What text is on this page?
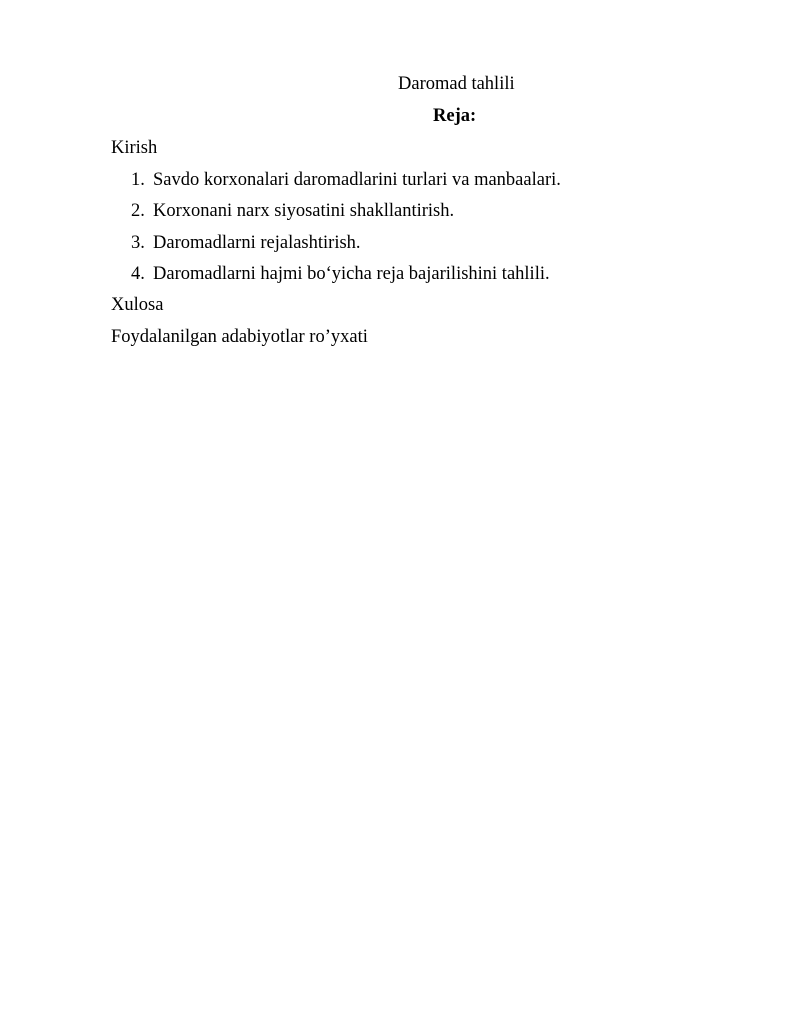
Daromad tahlili
Reja:
Kirish
1. Savdo korxonalari daromadlarini turlari va manbaalari.
2. Korxonani narx siyosatini shakllantirish.
3. Daromadlarni rejalashtirish.
4. Daromadlarni hajmi bo‘yicha reja bajarilishini tahlili.
Xulosa
Foydalanilgan adabiyotlar ro’yxati
